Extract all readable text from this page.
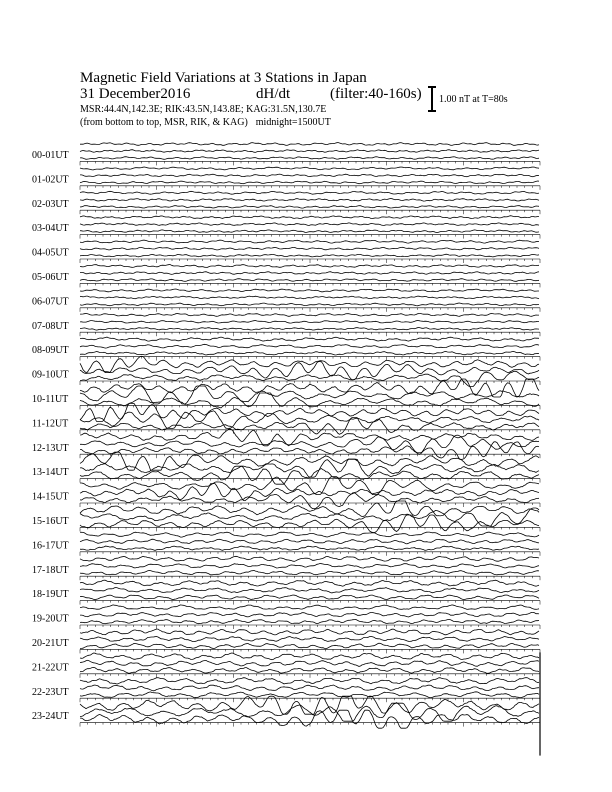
Magnetic Field Variations at 3 Stations in Japan
31 December2016	dH/dt	(filter:40-160s)
MSR:44.4N,142.3E; RIK:43.5N,143.8E; KAG:31.5N,130.7E
(from bottom to top, MSR, RIK, & KAG) midnight=1500UT
1.00 nT at T=80s
00-01UT
01-02UT
02-03UT
03-04UT
04-05UT
05-06UT
06-07UT
07-08UT
08-09UT
09-10UT
10-11UT
11-12UT
12-13UT
13-14UT
14-15UT
15-16UT
16-17UT
17-18UT
18-19UT
19-20UT
20-21UT
21-22UT
22-23UT
23-24UT
